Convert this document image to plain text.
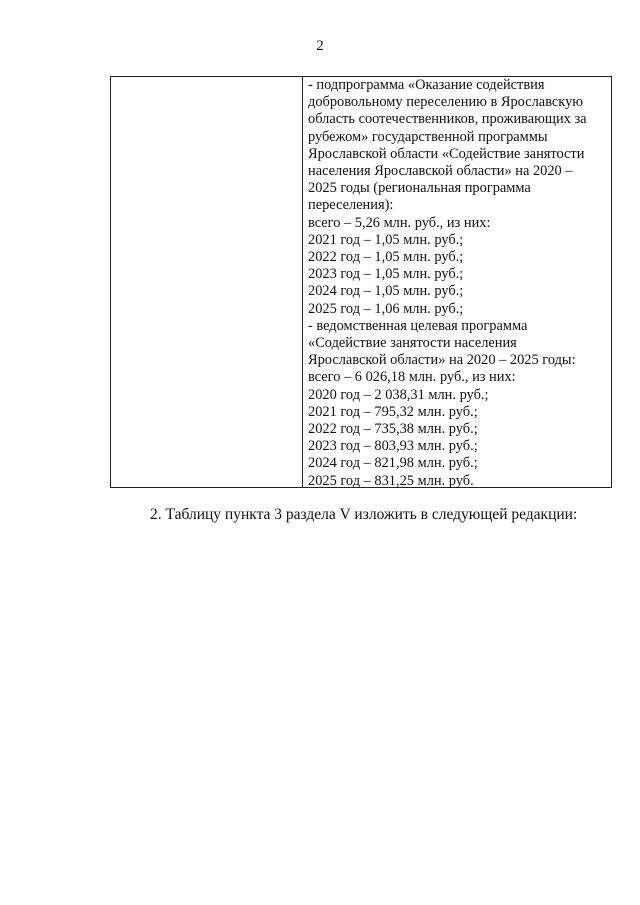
2
- подпрограмма «Оказание содействия
добровольному переселению в Ярославскую
область соотечественников, проживающих за
рубежом» государственной программы
Ярославской области «Содействие занятости
населения Ярославской области» на 2020 –
2025 годы (региональная программа
переселения):
всего – 5,26 млн. руб., из них:
2021 год – 1,05 млн. руб.;
2022 год – 1,05 млн. руб.;
2023 год – 1,05 млн. руб.;
2024 год – 1,05 млн. руб.;
2025 год – 1,06 млн. руб.;
- ведомственная целевая программа
«Содействие занятости населения
Ярославской области» на 2020 – 2025 годы:
всего – 6 026,18 млн. руб., из них:
2020 год – 2 038,31 млн. руб.;
2021 год – 795,32 млн. руб.;
2022 год – 735,38 млн. руб.;
2023 год – 803,93 млн. руб.;
2024 год – 821,98 млн. руб.;
2025 год – 831,25 млн. руб.
2. Таблицу пункта 3 раздела V изложить в следующей редакции:
